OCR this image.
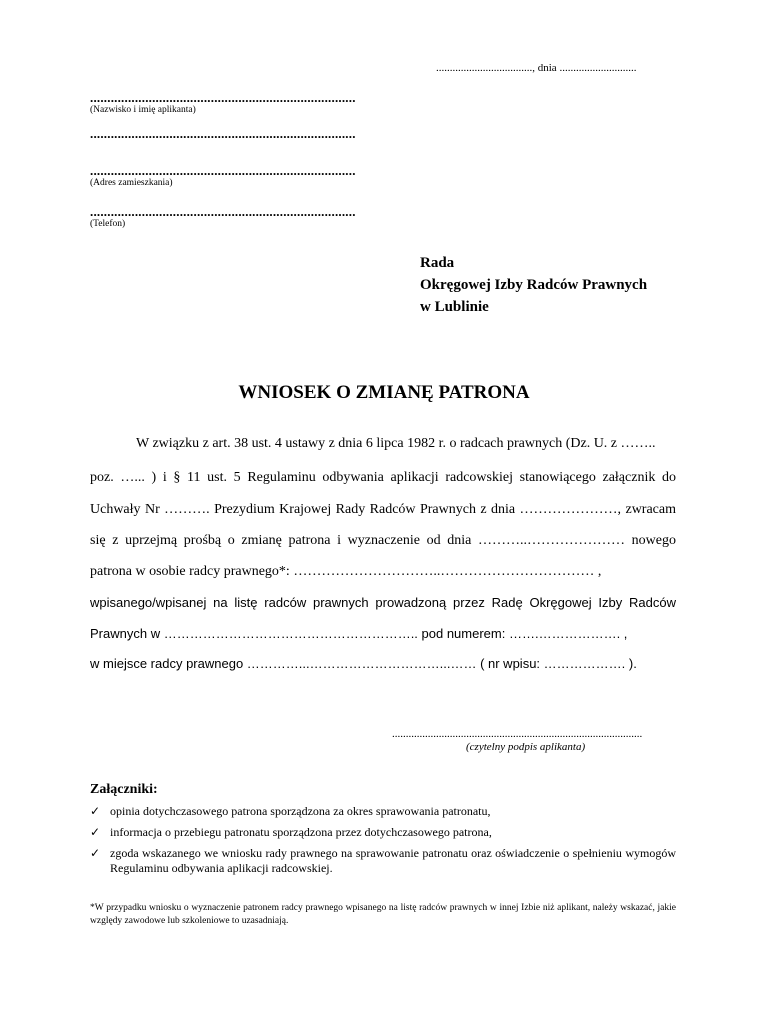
..................................., dnia ............................
.............................................................................
(Nazwisko i imię aplikanta)
.............................................................................
.............................................................................
(Adres zamieszkania)
.............................................................................
(Telefon)
Rada
Okręgowej Izby Radców Prawnych
w Lublinie
WNIOSEK O ZMIANĘ PATRONA
W związku z art. 38 ust. 4 ustawy z dnia 6 lipca 1982 r. o radcach prawnych (Dz. U. z ……..
poz. …... ) i § 11 ust. 5 Regulaminu odbywania aplikacji radcowskiej stanowiącego załącznik do
Uchwały Nr ………. Prezydium Krajowej Rady Radców Prawnych z dnia …………………, zwracam
się z uprzejmą prośbą o zmianę patrona i wyznaczenie od dnia ………..………………… nowego
patrona w osobie radcy prawnego*: …………………………..…………………………… ,
wpisanego/wpisanej na listę radców prawnych prowadzoną przez Radę Okręgowej Izby Radców
Prawnych w ………………………………………………….. pod numerem: …….………………. ,
w miejsce radcy prawnego …………...…………………………...…… ( nr wpisu: ………………. ).
...........................................................................................
(czytelny podpis aplikanta)
Załączniki:
✓ opinia dotychczasowego patrona sporządzona za okres sprawowania patronatu,
✓ informacja o przebiegu patronatu sporządzona przez dotychczasowego patrona,
✓ zgoda wskazanego we wniosku rady prawnego na sprawowanie patronatu oraz oświadczenie o spełnieniu wymogów Regulaminu odbywania aplikacji radcowskiej.
*W przypadku wniosku o wyznaczenie patronem radcy prawnego wpisanego na listę radców prawnych w innej Izbie niż aplikant, należy wskazać, jakie względy zawodowe lub szkoleniowe to uzasadniają.
